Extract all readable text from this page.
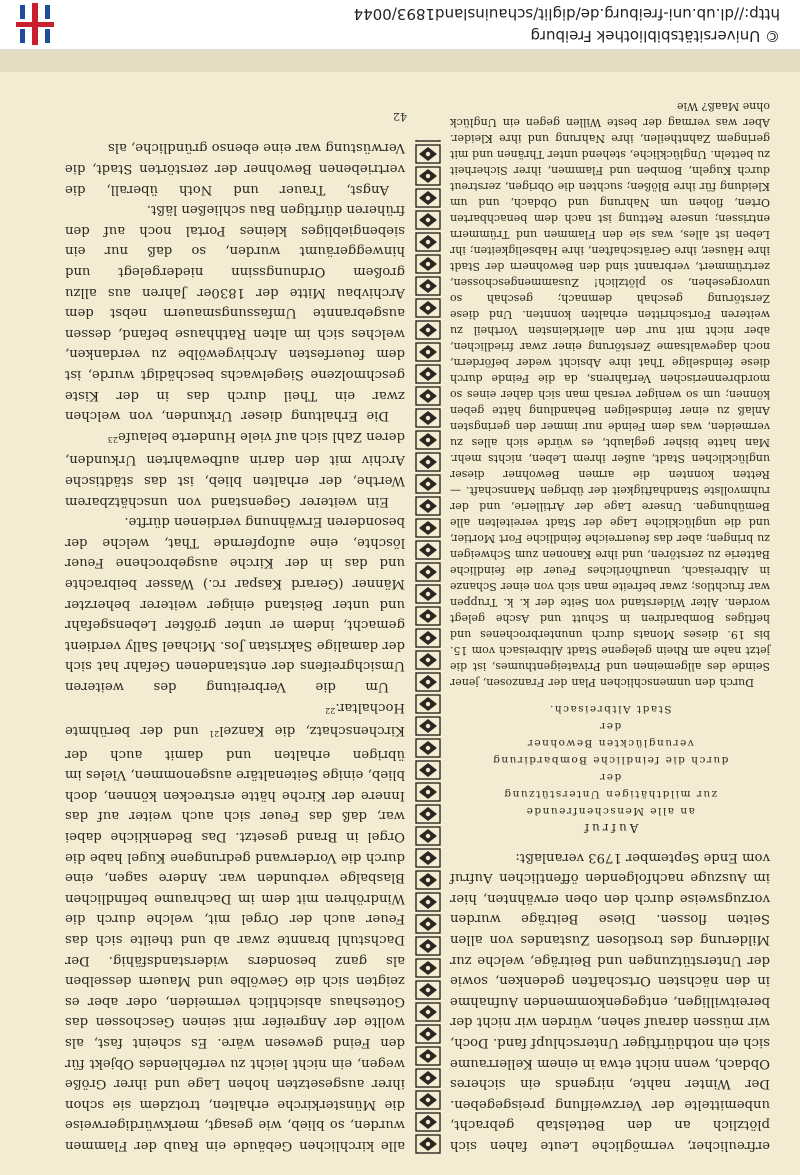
erfreulicher, vermögliche Leute fahen sich plötzlich an den Bettelstab gebracht, unbemittelte der Verzweiflung preisgegeben. Der Winter nahte, nirgends ein sicheres Obdach, wenn nicht etwa in einem Kellerraume sich ein nothdürftiger Unterschlupf fand. Doch, wir müssen darauf sehen, würden wir nicht der bereitwilligen, entgegenkommenden Aufnahme in den nächsten Ortschaften gedenken, sowie der Unterstützungen und Beiträge, welche zur Milderung des trostlosen Zustandes von allen Seiten flossen. Diese Beiträge wurden vorzugsweise durch den oben erwähnten, hier im Auszuge nachfolgenden öffentlichen Aufruf vom Ende September 1793 veranlaßt:

Aufruf
an alle Menschenfreunde
zur mildthätigen Unterstützung
der
durch die feindliche Bombardirung
verunglückten Bewohner
der
Stadt Altbreisach.

Durch den unmenschlichen Plan der Franzosen, jener Seinde des allgemeinen und Privateigenthumes, ist die jetzt nahe am Rhein gelegene Stadt Altbreisach vom 15. bis 19. dieses Monats durch ununterbrochenes und heftiges Bombardiren in Schutt und Asche gelegt worden. Alter Widerstand von Seite der k. k. Truppen war fruchtlos; zwar befreite man sich von einer Schanze in Altbreisach, unaufhörliches Feuer die feindliche Batterie zu zerstören, und ihre Kanonen zum Schweigen zu bringen; aber das feuerreiche feindliche Fort Mortier, und die unglückliche Lage der Stadt vereitelten alle Bemühungen. Unsere Lage der Artillerie, und der ruhmvollste Standhaftigkeit der übrigen Mannschaft. — Retten konnten die armen Bewohner dieser unglücklichen Stadt, außer ihrem Leben, nichts mehr. Man hatte bisher geglaubt, es würde sich alles zu vermeiden, was dem Feinde nur immer den geringsten Anlaß zu einer feindseligen Behandlung hätte geben können; um so weniger versah man sich daher eines so mordbrennerischen Verfahrens, da die Feinde durch diese feindselige That ihre Absicht weder befördern, noch dagewaltsame Zerstörung einer zwar friedlichen, aber nicht mit nur den allerkleinsten Vortheil zu weiteren Fortschritten erhalten konnten. Und diese Zerstörung geschah demnach; geschah so unvorgesehen, so plötzlich! Zusammengeschossen, zertrümmert, verbrannt sind den Bewohnern der Stadt ihre Häuser, ihre Gerätschaften, ihre Habseligkeiten; ihr Leben ist alles, was sie den Flammen und Trümmern entrissen; unsere Rettung ist nach dem benachbarten Orten, flohen um Nahrung und Obdach, und um Kleidung für ihre Blößen; suchten die Obrigen, zerstreut durch Kugeln, Bomben und Flammen, ihrer Sicherheit zu betteln. Unglückliche, stehend unter Thränen und mit geringem Zahntheilen, ihre Nahrung und ihre Kleider. Aber was vermag der beste Willen gegen ein Unglück ohne Maaß? Wie

alle kirchlichen Gebäude ein Raub der Flammen wurden, so blieb, wie gesagt, merkwürdigerweise die Münsterkirche erhalten, trotzdem sie schon ihrer ausgesetzten hohen Lage und ihrer Größe wegen, ein nicht leicht zu verfehlendes Objekt für den Feind gewesen wäre. Es scheint fast, als wollte der Angreifer mit seinen Geschossen das Gotteshaus absichtlich vermeiden, oder aber es zeigten sich die Gewölbe und Mauern desselben als ganz besonders widerstandsfähig. Der Dachstuhl brannte zwar ab und theilte sich das Feuer auch der Orgel mit, welche durch die Windröhren mit dem im Dachraume befindlichen Blasbalge verbunden war. Andere sagen, eine durch die Vorderwand gedrungene Kugel habe die Orgel in Brand gesetzt. Das Bedenkliche dabei war, daß das Feuer sich auch weiter auf das Innere der Kirche hätte erstrecken können, doch blieb, einige Seitenaltäre ausgenommen, Vieles im übrigen erhalten und damit auch der Kirchenschatz, die Kanzel$^{21}$ und der berühmte Hochaltar.$^{22}$

Um die Verbreitung des weiteren Umsichgreifens der entstandenen Gefahr hat sich der damalige Sakristan Jos. Michael Sally verdient gemacht, indem er unter größter Lebensgefahr und unter Beistand einiger weiterer beherzter Männer (Gerard Kaspar rc.) Wasser beibrachte und das in der Kirche ausgebrochene Feuer löschte, eine aufopfernde That, welche der besonderen Erwähnung verdienen dürfte.

Ein weiterer Gegenstand von unschätzbarem Werthe, der erhalten blieb, ist das städtische Archiv mit den darin aufbewahrten Urkunden, deren Zahl sich auf viele Hunderte belaufe$^{23}$

Die Erhaltung dieser Urkunden, von welchen zwar ein Theil durch das in der Kiste geschmolzene Siegelwachs beschädigt wurde, ist dem feuerfesten Archivgewölbe zu verdanken, welches sich im alten Rathhause befand, dessen ausgebrannte Umfassungsmauern nebst dem Archivbau Mitte der 1830er Jahren aus allzu großem Ordnungssinn niedergelegt und hinweggeräumt wurden, so daß nur ein siebengiebliges kleines Portal noch auf den früheren dürftigen Bau schließen läßt.

Angst, Trauer und Noth überall, die vertriebenen Bewohner der zerstörten Stadt, die Verwüstung war eine ebenso gründliche, als

42
© Universitätsbibliothek Freiburg
http://dl.ub.uni-freiburg.de/diglit/schauinsland1893/0044
